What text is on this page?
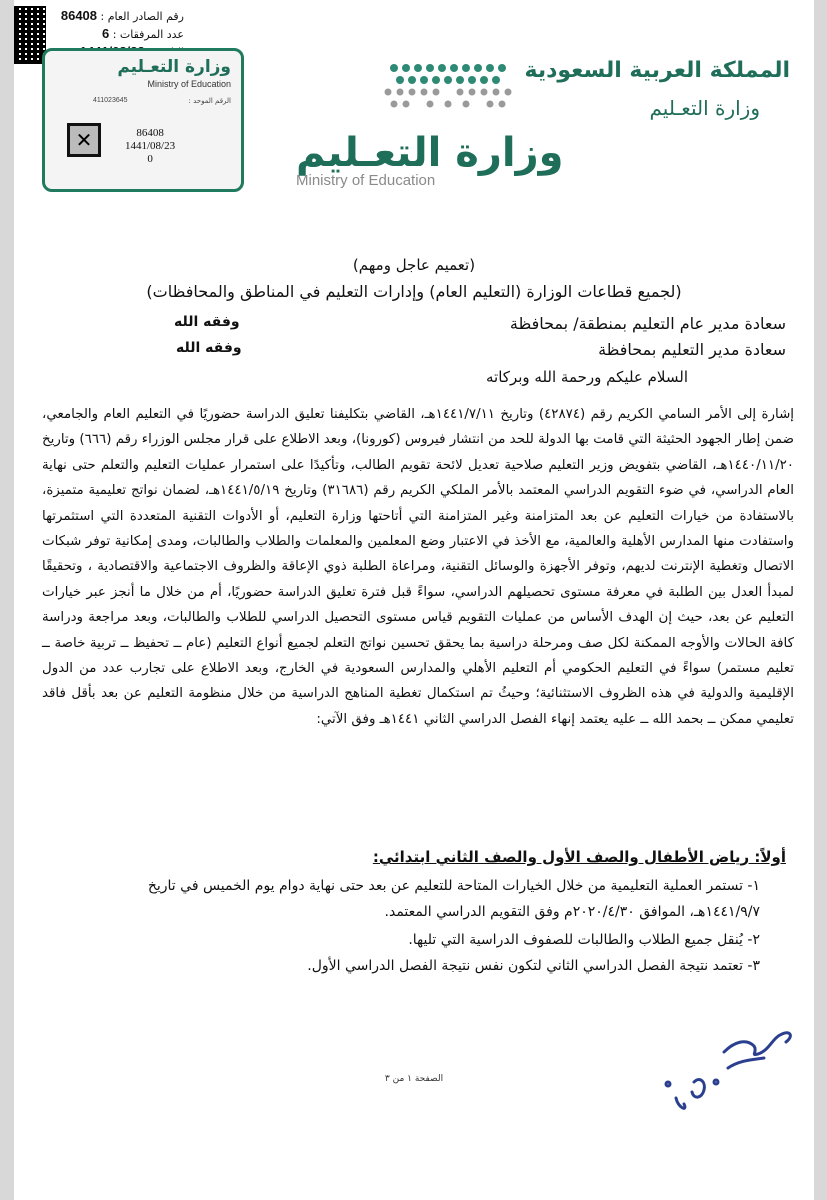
رقم الصادر العام : 86408
عدد المرفقات : 6
وزارة التعـليم
Ministry of Education
الرقم الموحد :
411023645
✕	86408
1441/08/23
0	وزارة التعـليم
Ministry of Education
المملكة العربية السعودية
وزارة التعـليم
(تعميم عاجل ومهم)
(لجميع قطاعات الوزارة (التعليم العام) وإدارات التعليم في المناطق والمحافظات)
سعادة مدير عام التعليم بمنطقة/ بمحافظة
وفقه الله
سعادة مدير التعليم بمحافظة
وفقه الله
السلام عليكم ورحمة الله وبركاته
إشارة إلى الأمر السامي الكريم رقم (٤٢٨٧٤) وتاريخ ١٤٤١/٧/١١هـ، القاضي بتكليفنا تعليق الدراسة حضوريًا في التعليم العام والجامعي، ضمن إطار الجهود الحثيثة التي قامت بها الدولة للحد من انتشار فيروس (كورونا)، وبعد الاطلاع على قرار مجلس الوزراء رقم (٦٦٦) وتاريخ ١٤٤٠/١١/٢٠هـ، القاضي بتفويض وزير التعليم صلاحية تعديل لائحة تقويم الطالب، وتأكيدًا على استمرار عمليات التعليم والتعلم حتى نهاية العام الدراسي، في ضوء التقويم الدراسي المعتمد بالأمر الملكي الكريم رقم (٣١٦٨٦) وتاريخ ١٤٤١/٥/١٩هـ، لضمان نواتج تعليمية متميزة، بالاستفادة من خيارات التعليم عن بعد المتزامنة وغير المتزامنة التي أتاحتها وزارة التعليم، أو الأدوات التقنية المتعددة التي استثمرتها واستفادت منها المدارس الأهلية والعالمية، مع الأخذ في الاعتبار وضع المعلمين والمعلمات والطلاب والطالبات، ومدى إمكانية توفر شبكات الاتصال وتغطية الإنترنت لديهم، وتوفر الأجهزة والوسائل التقنية، ومراعاة الطلبة ذوي الإعاقة والظروف الاجتماعية والاقتصادية ، وتحقيقًا لمبدأ العدل بين الطلبة في معرفة مستوى تحصيلهم الدراسي، سواءً قبل فترة تعليق الدراسة حضوريًا، أم من خلال ما أنجز عبر خيارات التعليم عن بعد، حيث إن الهدف الأساس من عمليات التقويم قياس مستوى التحصيل الدراسي للطلاب والطالبات، وبعد مراجعة ودراسة كافة الحالات والأوجه الممكنة لكل صف ومرحلة دراسية بما يحقق تحسين نواتج التعلم لجميع أنواع التعليم (عام ــ تحفيظ ــ تربية خاصة ــ تعليم مستمر) سواءً في التعليم الحكومي أم التعليم الأهلي والمدارس السعودية في الخارج، وبعد الاطلاع على تجارب عدد من الدول الإقليمية والدولية في هذه الظروف الاستثنائية؛ وحيثُ تم استكمال تغطية المناهج الدراسية من خلال منظومة التعليم عن بعد بأقل فاقد تعليمي ممكن ــ بحمد الله ــ عليه يعتمد إنهاء الفصل الدراسي الثاني ١٤٤١هـ وفق الآتي:
أولاً: رياض الأطفال والصف الأول والصف الثاني ابتدائي:
١- تستمر العملية التعليمية من خلال الخيارات المتاحة للتعليم عن بعد حتى نهاية دوام يوم الخميس في تاريخ
١٤٤١/٩/٧هـ، الموافق ٢٠٢٠/٤/٣٠م وفق التقويم الدراسي المعتمد.
٢- يُنقل جميع الطلاب والطالبات للصفوف الدراسية التي تليها.
٣- تعتمد نتيجة الفصل الدراسي الثاني لتكون نفس نتيجة الفصل الدراسي الأول.
الصفحة ١ من ٣
